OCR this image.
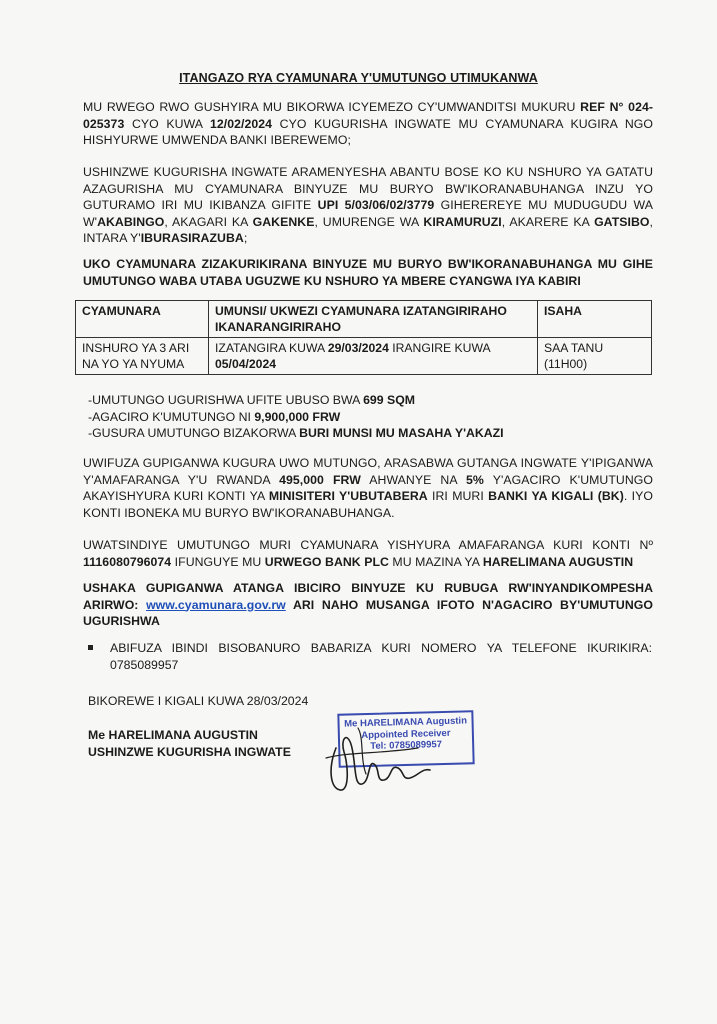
ITANGAZO RYA CYAMUNARA Y'UMUTUNGO UTIMUKANWA
MU RWEGO RWO GUSHYIRA MU BIKORWA ICYEMEZO CY'UMWANDITSI MUKURU REF N° 024-025373 CYO KUWA 12/02/2024 CYO KUGURISHA INGWATE MU CYAMUNARA KUGIRA NGO HISHYURWE UMWENDA BANKI IBEREWEMO;
USHINZWE KUGURISHA INGWATE ARAMENYESHA ABANTU BOSE KO KU NSHURO YA GATATU AZAGURISHA MU CYAMUNARA BINYUZE MU BURYO BW'IKORANABUHANGA INZU YO GUTURAMO IRI MU IKIBANZA GIFITE UPI 5/03/06/02/3779 GIHEREREYE MU MUDUGUDU WA W'AKABINGO, AKAGARI KA GAKENKE, UMURENGE WA KIRAMURUZI, AKARERE KA GATSIBO, INTARA Y'IBURASIRAZUBA;
UKO CYAMUNARA ZIZAKURIKIRANA BINYUZE MU BURYO BW'IKORANABUHANGA MU GIHE UMUTUNGO WABA UTABA UGUZWE KU NSHURO YA MBERE CYANGWA IYA KABIRI
CYAMUNARA	UMUNSI/ UKWEZI CYAMUNARA IZATANGIRIRAHO IKANARANGIRIRAHO	ISAHA
INSHURO YA 3 ARI NA YO YA NYUMA	IZATANGIRA KUWA 29/03/2024 IRANGIRE KUWA 05/04/2024	SAA TANU (11H00)
-UMUTUNGO UGURISHWA UFITE UBUSO BWA 699 SQM
-AGACIRO K'UMUTUNGO NI 9,900,000 FRW
-GUSURA UMUTUNGO BIZAKORWA BURI MUNSI MU MASAHA Y'AKAZI
UWIFUZA GUPIGANWA KUGURA UWO MUTUNGO, ARASABWA GUTANGA INGWATE Y'IPIGANWA Y'AMAFARANGA Y'U RWANDA 495,000 FRW AHWANYE NA 5% Y'AGACIRO K'UMUTUNGO AKAYISHYURA KURI KONTI YA MINISITERI Y'UBUTABERA IRI MURI BANKI YA KIGALI (BK). IYO KONTI IBONEKA MU BURYO BW'IKORANABUHANGA.
UWATSINDIYE UMUTUNGO MURI CYAMUNARA YISHYURA AMAFARANGA KURI KONTI Nº 1116080796074 IFUNGUYE MU URWEGO BANK PLC MU MAZINA YA HARELIMANA AUGUSTIN
USHAKA GUPIGANWA ATANGA IBICIRO BINYUZE KU RUBUGA RW'INYANDIKOMPESHA ARIRWO: www.cyamunara.gov.rw ARI NAHO MUSANGA IFOTO N'AGACIRO BY'UMUTUNGO UGURISHWA
ABIFUZA IBINDI BISOBANURO BABARIZA KURI NOMERO YA TELEFONE IKURIKIRA: 0785089957
BIKOREWE I KIGALI KUWA 28/03/2024
Me HARELIMANA AUGUSTIN
USHINZWE KUGURISHA INGWATE
Me HARELIMANA Augustin
Appointed Receiver
Tel: 0785089957
